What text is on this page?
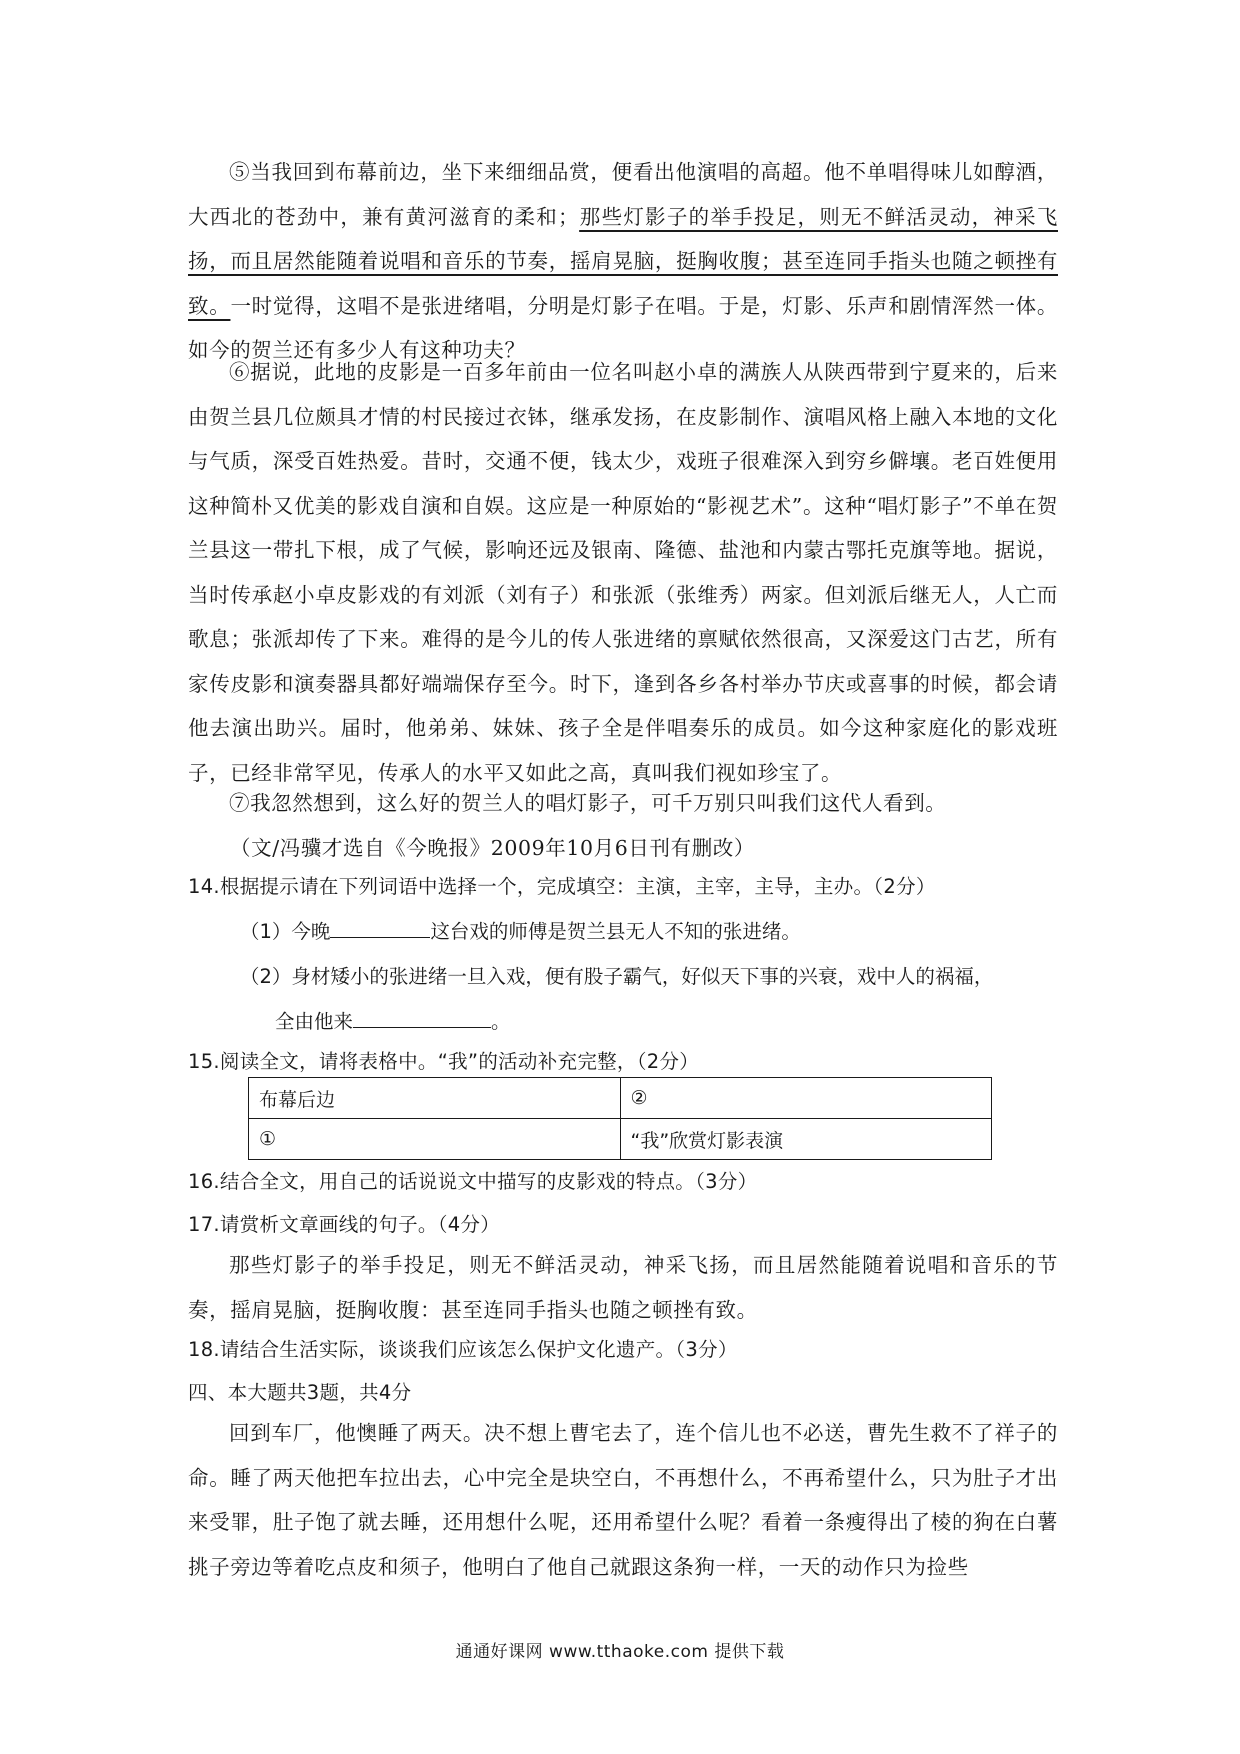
⑤当我回到布幕前边，坐下来细细品赏，便看出他演唱的高超。他不单唱得味儿如醇酒，大西北的苍劲中，兼有黄河滋育的柔和；那些灯影子的举手投足，则无不鲜活灵动，神采飞扬，而且居然能随着说唱和音乐的节奏，摇肩晃脑，挺胸收腹；甚至连同手指头也随之顿挫有致。一时觉得，这唱不是张进绪唱，分明是灯影子在唱。于是，灯影、乐声和剧情浑然一体。如今的贺兰还有多少人有这种功夫？

⑥据说，此地的皮影是一百多年前由一位名叫赵小卓的满族人从陕西带到宁夏来的，后来由贺兰县几位颇具才情的村民接过衣钵，继承发扬，在皮影制作、演唱风格上融入本地的文化与气质，深受百姓热爱。昔时，交通不便，钱太少，戏班子很难深入到穷乡僻壤。老百姓便用这种简朴又优美的影戏自演和自娱。这应是一种原始的“影视艺术”。这种“唱灯影子”不单在贺兰县这一带扎下根，成了气候，影响还远及银南、隆德、盐池和内蒙古鄂托克旗等地。据说，当时传承赵小卓皮影戏的有刘派（刘有子）和张派（张维秀）两家。但刘派后继无人，人亡而歌息；张派却传了下来。难得的是今儿的传人张进绪的禀赋依然很高，又深爱这门古艺，所有家传皮影和演奏器具都好端端保存至今。时下，逢到各乡各村举办节庆或喜事的时候，都会请他去演出助兴。届时，他弟弟、妹妹、孩子全是伴唱奏乐的成员。如今这种家庭化的影戏班子，已经非常罕见，传承人的水平又如此之高，真叫我们视如珍宝了。

⑦我忽然想到，这么好的贺兰人的唱灯影子，可千万别只叫我们这代人看到。

（文/冯骥才选自《今晚报》2009年10月6日刊有删改）

14.根据提示请在下列词语中选择一个，完成填空：主演，主宰，主导，主办。（2分）

（1）今晚	这台戏的师傅是贺兰县无人不知的张进绪。

（2）身材矮小的张进绪一旦入戏，便有股子霸气，好似天下事的兴衰，戏中人的祸福，

全由他来	。

15.阅读全文，请将表格中。“我”的活动补充完整，（2分）

布幕后边	②
①	“我”欣赏灯影表演

16.结合全文，用自己的话说说文中描写的皮影戏的特点。（3分）

17.请赏析文章画线的句子。（4分）

那些灯影子的举手投足，则无不鲜活灵动，神采飞扬，而且居然能随着说唱和音乐的节奏，摇肩晃脑，挺胸收腹：甚至连同手指头也随之顿挫有致。

18.请结合生活实际，谈谈我们应该怎么保护文化遗产。（3分）

四、本大题共3题，共4分

回到车厂，他懊睡了两天。决不想上曹宅去了，连个信儿也不必送，曹先生救不了祥子的命。睡了两天他把车拉出去，心中完全是块空白，不再想什么，不再希望什么，只为肚子才出来受罪，肚子饱了就去睡，还用想什么呢，还用希望什么呢？看着一条瘦得出了棱的狗在白薯挑子旁边等着吃点皮和须子，他明白了他自己就跟这条狗一样，一天的动作只为捡些

通通好课网 www.tthaoke.com 提供下载
